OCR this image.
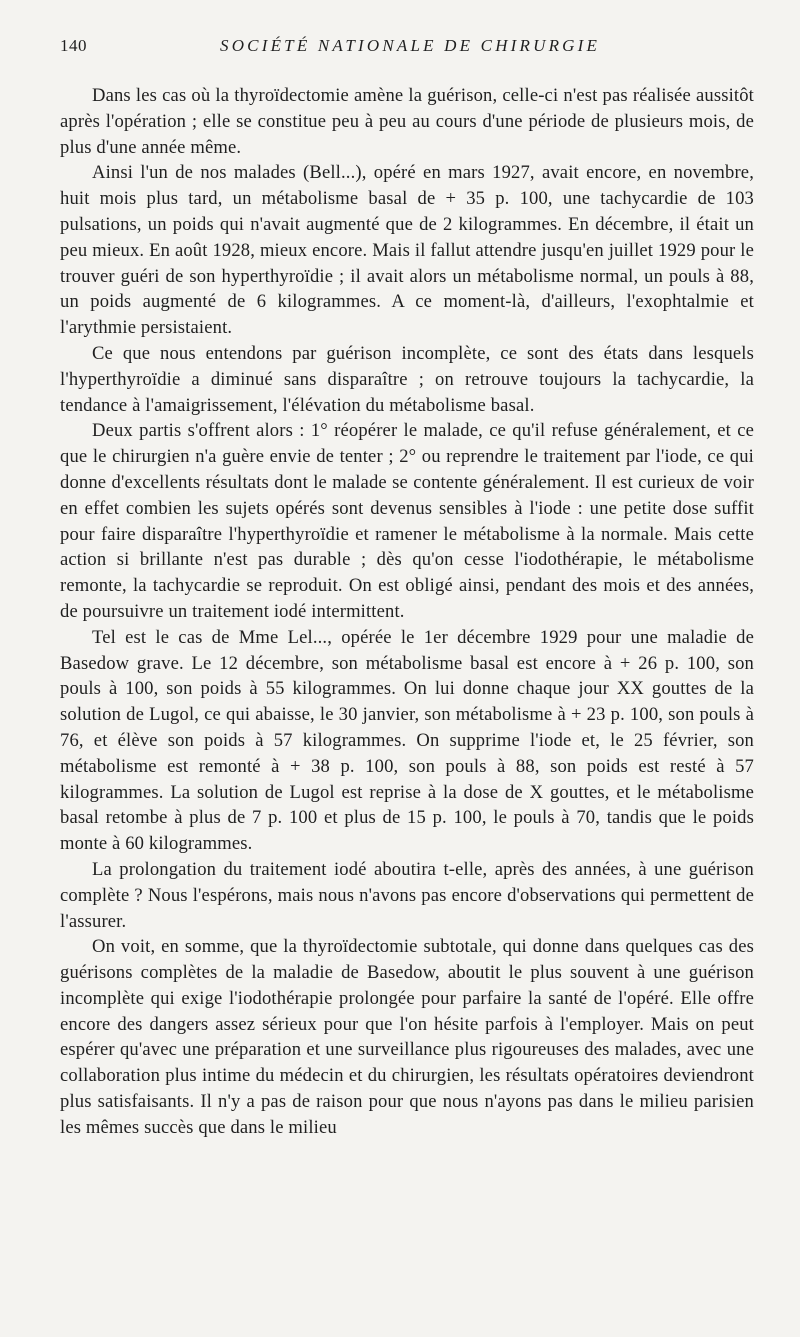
140	SOCIÉTÉ NATIONALE DE CHIRURGIE

Dans les cas où la thyroïdectomie amène la guérison, celle-ci n'est pas réalisée aussitôt après l'opération ; elle se constitue peu à peu au cours d'une période de plusieurs mois, de plus d'une année même.

Ainsi l'un de nos malades (Bell...), opéré en mars 1927, avait encore, en novembre, huit mois plus tard, un métabolisme basal de + 35 p. 100, une tachycardie de 103 pulsations, un poids qui n'avait augmenté que de 2 kilogrammes. En décembre, il était un peu mieux. En août 1928, mieux encore. Mais il fallut attendre jusqu'en juillet 1929 pour le trouver guéri de son hyperthyroïdie ; il avait alors un métabolisme normal, un pouls à 88, un poids augmenté de 6 kilogrammes. A ce moment-là, d'ailleurs, l'exophtalmie et l'arythmie persistaient.

Ce que nous entendons par guérison incomplète, ce sont des états dans lesquels l'hyperthyroïdie a diminué sans disparaître ; on retrouve toujours la tachycardie, la tendance à l'amaigrissement, l'élévation du métabolisme basal.

Deux partis s'offrent alors : 1° réopérer le malade, ce qu'il refuse généralement, et ce que le chirurgien n'a guère envie de tenter ; 2° ou reprendre le traitement par l'iode, ce qui donne d'excellents résultats dont le malade se contente généralement. Il est curieux de voir en effet combien les sujets opérés sont devenus sensibles à l'iode : une petite dose suffit pour faire disparaître l'hyperthyroïdie et ramener le métabolisme à la normale. Mais cette action si brillante n'est pas durable ; dès qu'on cesse l'iodothérapie, le métabolisme remonte, la tachycardie se reproduit. On est obligé ainsi, pendant des mois et des années, de poursuivre un traitement iodé intermittent.

Tel est le cas de Mme Lel..., opérée le 1er décembre 1929 pour une maladie de Basedow grave. Le 12 décembre, son métabolisme basal est encore à + 26 p. 100, son pouls à 100, son poids à 55 kilogrammes. On lui donne chaque jour XX gouttes de la solution de Lugol, ce qui abaisse, le 30 janvier, son métabolisme à + 23 p. 100, son pouls à 76, et élève son poids à 57 kilogrammes. On supprime l'iode et, le 25 février, son métabolisme est remonté à + 38 p. 100, son pouls à 88, son poids est resté à 57 kilogrammes. La solution de Lugol est reprise à la dose de X gouttes, et le métabolisme basal retombe à plus de 7 p. 100 et plus de 15 p. 100, le pouls à 70, tandis que le poids monte à 60 kilogrammes.

La prolongation du traitement iodé aboutira t-elle, après des années, à une guérison complète ? Nous l'espérons, mais nous n'avons pas encore d'observations qui permettent de l'assurer.

On voit, en somme, que la thyroïdectomie subtotale, qui donne dans quelques cas des guérisons complètes de la maladie de Basedow, aboutit le plus souvent à une guérison incomplète qui exige l'iodothérapie prolongée pour parfaire la santé de l'opéré. Elle offre encore des dangers assez sérieux pour que l'on hésite parfois à l'employer. Mais on peut espérer qu'avec une préparation et une surveillance plus rigoureuses des malades, avec une collaboration plus intime du médecin et du chirurgien, les résultats opératoires deviendront plus satisfaisants. Il n'y a pas de raison pour que nous n'ayons pas dans le milieu parisien les mêmes succès que dans le milieu
